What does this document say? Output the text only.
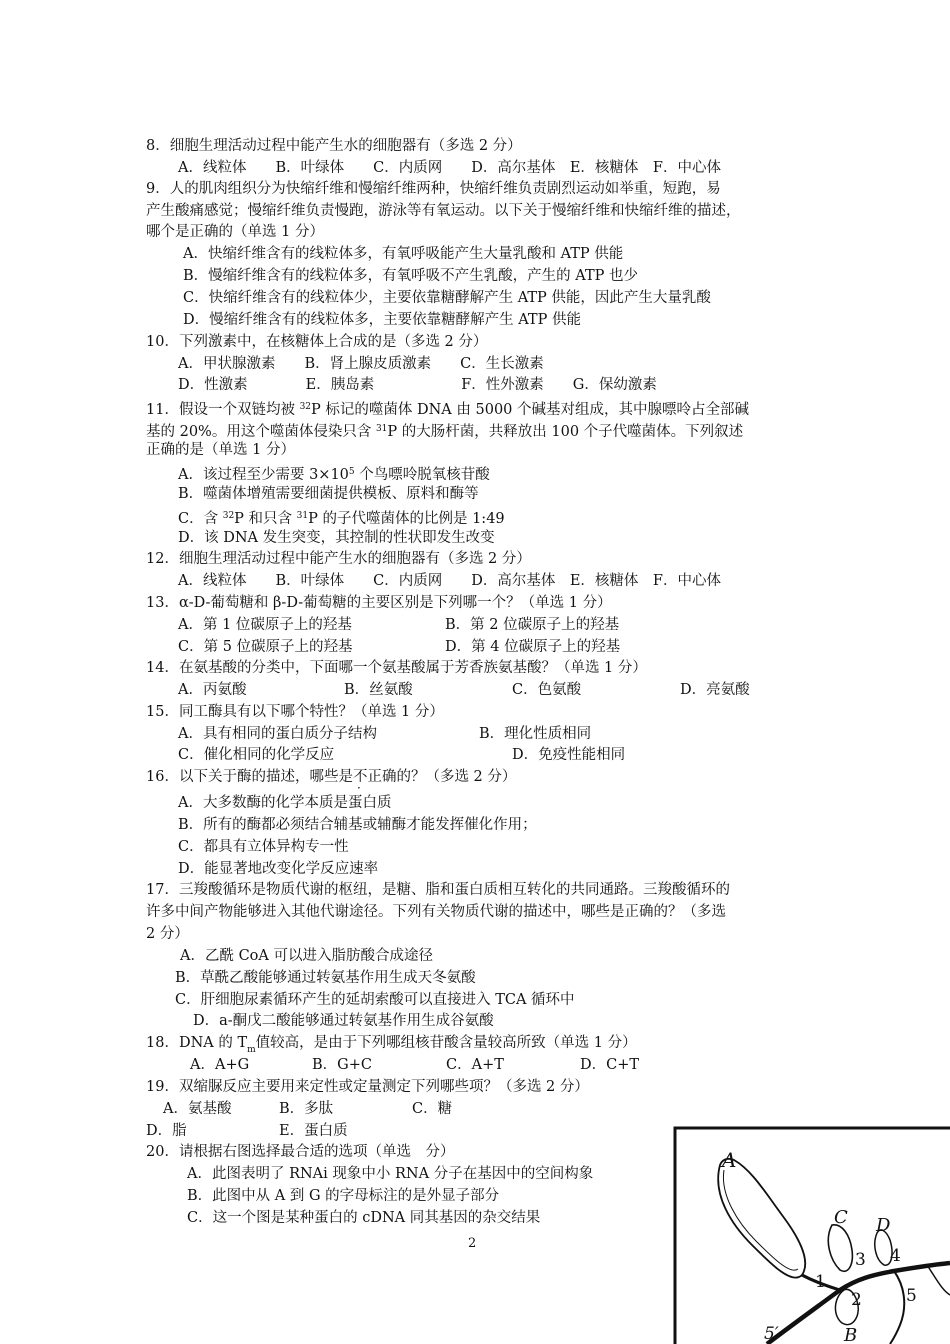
8．细胞生理活动过程中能产生水的细胞器有（多选 2 分）
A．线粒体　　B．叶绿体　　C．内质网　　D．高尔基体　E．核糖体　F．中心体
9．人的肌肉组织分为快缩纤维和慢缩纤维两种，快缩纤维负责剧烈运动如举重，短跑，易
产生酸痛感觉；慢缩纤维负责慢跑，游泳等有氧运动。以下关于慢缩纤维和快缩纤维的描述，
哪个是正确的（单选 1 分）
A．快缩纤维含有的线粒体多，有氧呼吸能产生大量乳酸和 ATP 供能
B．慢缩纤维含有的线粒体多，有氧呼吸不产生乳酸，产生的 ATP 也少
C．快缩纤维含有的线粒体少，主要依靠糖酵解产生 ATP 供能，因此产生大量乳酸
D．慢缩纤维含有的线粒体多，主要依靠糖酵解产生 ATP 供能
10．下列激素中，在核糖体上合成的是（多选 2 分）
A．甲状腺激素　　B．肾上腺皮质激素　　C．生长激素
D．性激素　　　　E．胰岛素　　　　　　F．性外激素　　G．保幼激素
11．假设一个双链均被 $^{32}$P 标记的噬菌体 DNA 由 5000 个碱基对组成，其中腺嘌呤占全部碱
基的 20%。用这个噬菌体侵染只含 $^{31}$P 的大肠杆菌，共释放出 100 个子代噬菌体。下列叙述
正确的是（单选 1 分）
A．该过程至少需要 $3\times 10^5$ 个鸟嘌呤脱氧核苷酸
B．噬菌体增殖需要细菌提供模板、原料和酶等
C．含 $^{32}$P 和只含 $^{31}$P 的子代噬菌体的比例是 1:49
D．该 DNA 发生突变，其控制的性状即发生改变
12．细胞生理活动过程中能产生水的细胞器有（多选 2 分）
A．线粒体　　B．叶绿体　　C．内质网　　D．高尔基体　E．核糖体　F．中心体
13．α-D-葡萄糖和 β-D-葡萄糖的主要区别是下列哪一个？（单选 1 分）
A．第 1 位碳原子上的羟基	B．第 2 位碳原子上的羟基
C．第 5 位碳原子上的羟基	D．第 4 位碳原子上的羟基
14．在氨基酸的分类中，下面哪一个氨基酸属于芳香族氨基酸？（单选 1 分）
A．丙氨酸	B．丝氨酸	C．色氨酸	D．亮氨酸
15．同工酶具有以下哪个特性？（单选 1 分）
A．具有相同的蛋白质分子结构	B．理化性质相同
C．催化相同的化学反应	D．免疫性能相同
16．以下关于酶的描述，哪些是不正确的？（多选 2 分）
A．大多数酶的化学本质是蛋白质
B．所有的酶都必须结合辅基或辅酶才能发挥催化作用；
C．都具有立体异构专一性
D．能显著地改变化学反应速率
17．三羧酸循环是物质代谢的枢纽，是糖、脂和蛋白质相互转化的共同通路。三羧酸循环的
许多中间产物能够进入其他代谢途径。下列有关物质代谢的描述中，哪些是正确的？（多选
2 分）
A．乙酰 CoA 可以进入脂肪酸合成途径
B．草酰乙酸能够通过转氨基作用生成天冬氨酸
C．肝细胞尿素循环产生的延胡索酸可以直接进入 TCA 循环中
D．a-酮戊二酸能够通过转氨基作用生成谷氨酸
18．DNA 的 $T_m$值较高，是由于下列哪组核苷酸含量较高所致（单选 1 分）
A．A+G	B．G+C	C．A+T	D．C+T
19．双缩脲反应主要用来定性或定量测定下列哪些项？（多选 2 分）
A．氨基酸	B．多肽	C．糖
D．脂	E．蛋白质
20．请根据右图选择最合适的选项（单选　分）
A．此图表明了 RNAi 现象中小 RNA 分子在基因中的空间构象
B．此图中从 A 到 G 的字母标注的是外显子部分
C．这一个图是某种蛋白的 cDNA 同其基因的杂交结果
2
A
C D
B
1
2
3 4
5
5′
